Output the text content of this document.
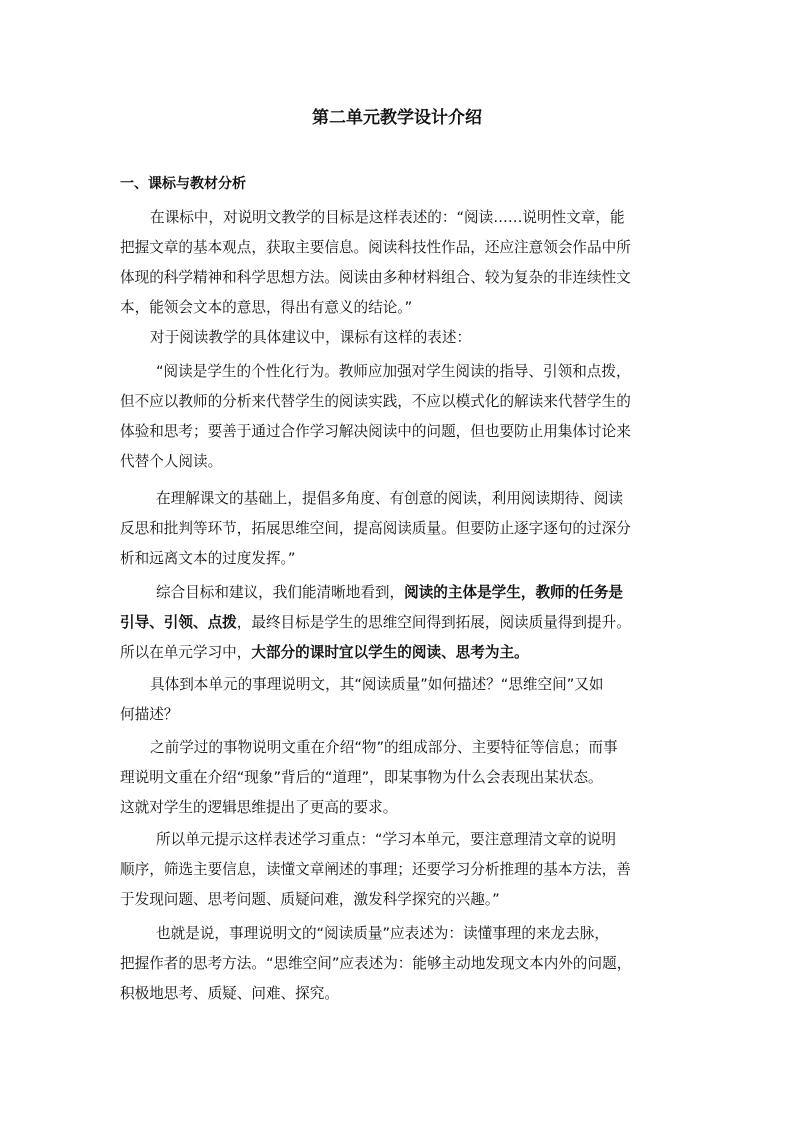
第二单元教学设计介绍
一、课标与教材分析

在课标中，对说明文教学的目标是这样表述的：“阅读……说明性文章，能
把握文章的基本观点，获取主要信息。阅读科技性作品，还应注意领会作品中所
体现的科学精神和科学思想方法。阅读由多种材料组合、较为复杂的非连续性文
本，能领会文本的意思，得出有意义的结论。”

对于阅读教学的具体建议中，课标有这样的表述：

“阅读是学生的个性化行为。教师应加强对学生阅读的指导、引领和点拨，
但不应以教师的分析来代替学生的阅读实践，不应以模式化的解读来代替学生的
体验和思考；要善于通过合作学习解决阅读中的问题，但也要防止用集体讨论来
代替个人阅读。

在理解课文的基础上，提倡多角度、有创意的阅读，利用阅读期待、阅读
反思和批判等环节，拓展思维空间，提高阅读质量。但要防止逐字逐句的过深分
析和远离文本的过度发挥。”

综合目标和建议，我们能清晰地看到，阅读的主体是学生，教师的任务是
引导、引领、点拨，最终目标是学生的思维空间得到拓展，阅读质量得到提升。
所以在单元学习中，大部分的课时宜以学生的阅读、思考为主。

具体到本单元的事理说明文，其“阅读质量”如何描述？“思维空间”又如
何描述？

之前学过的事物说明文重在介绍“物”的组成部分、主要特征等信息；而事
理说明文重在介绍“现象”背后的“道理”，即某事物为什么会表现出某状态。
这就对学生的逻辑思维提出了更高的要求。

所以单元提示这样表述学习重点：“学习本单元，要注意理清文章的说明
顺序，筛选主要信息，读懂文章阐述的事理；还要学习分析推理的基本方法，善
于发现问题、思考问题、质疑问难，激发科学探究的兴趣。”

也就是说，事理说明文的“阅读质量”应表述为：读懂事理的来龙去脉，
把握作者的思考方法。“思维空间”应表述为：能够主动地发现文本内外的问题，
积极地思考、质疑、问难、探究。
